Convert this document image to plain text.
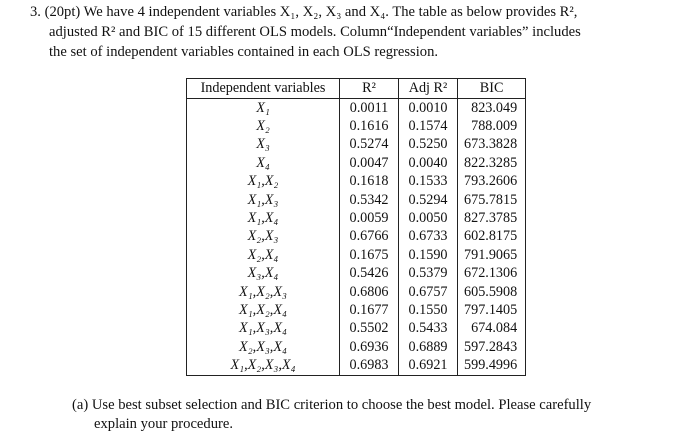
3. (20pt) We have 4 independent variables X₁, X₂, X₃ and X₄. The table as below provides R²,
adjusted R² and BIC of 15 different OLS models. Column“Independent variables” includes
the set of independent variables contained in each OLS regression.
Independent variables	R²	Adj R²	BIC
X₁	0.0011	0.0010	823.049
X₂	0.1616	0.1574	788.009
X₃	0.5274	0.5250	673.3828
X₄	0.0047	0.0040	822.3285
X₁,X₂	0.1618	0.1533	793.2606
X₁,X₃	0.5342	0.5294	675.7815
X₁,X₄	0.0059	0.0050	827.3785
X₂,X₃	0.6766	0.6733	602.8175
X₂,X₄	0.1675	0.1590	791.9065
X₃,X₄	0.5426	0.5379	672.1306
X₁,X₂,X₃	0.6806	0.6757	605.5908
X₁,X₂,X₄	0.1677	0.1550	797.1405
X₁,X₃,X₄	0.5502	0.5433	674.084
X₂,X₃,X₄	0.6936	0.6889	597.2843
X₁,X₂,X₃,X₄	0.6983	0.6921	599.4996
(a) Use best subset selection and BIC criterion to choose the best model. Please carefully
explain your procedure.
